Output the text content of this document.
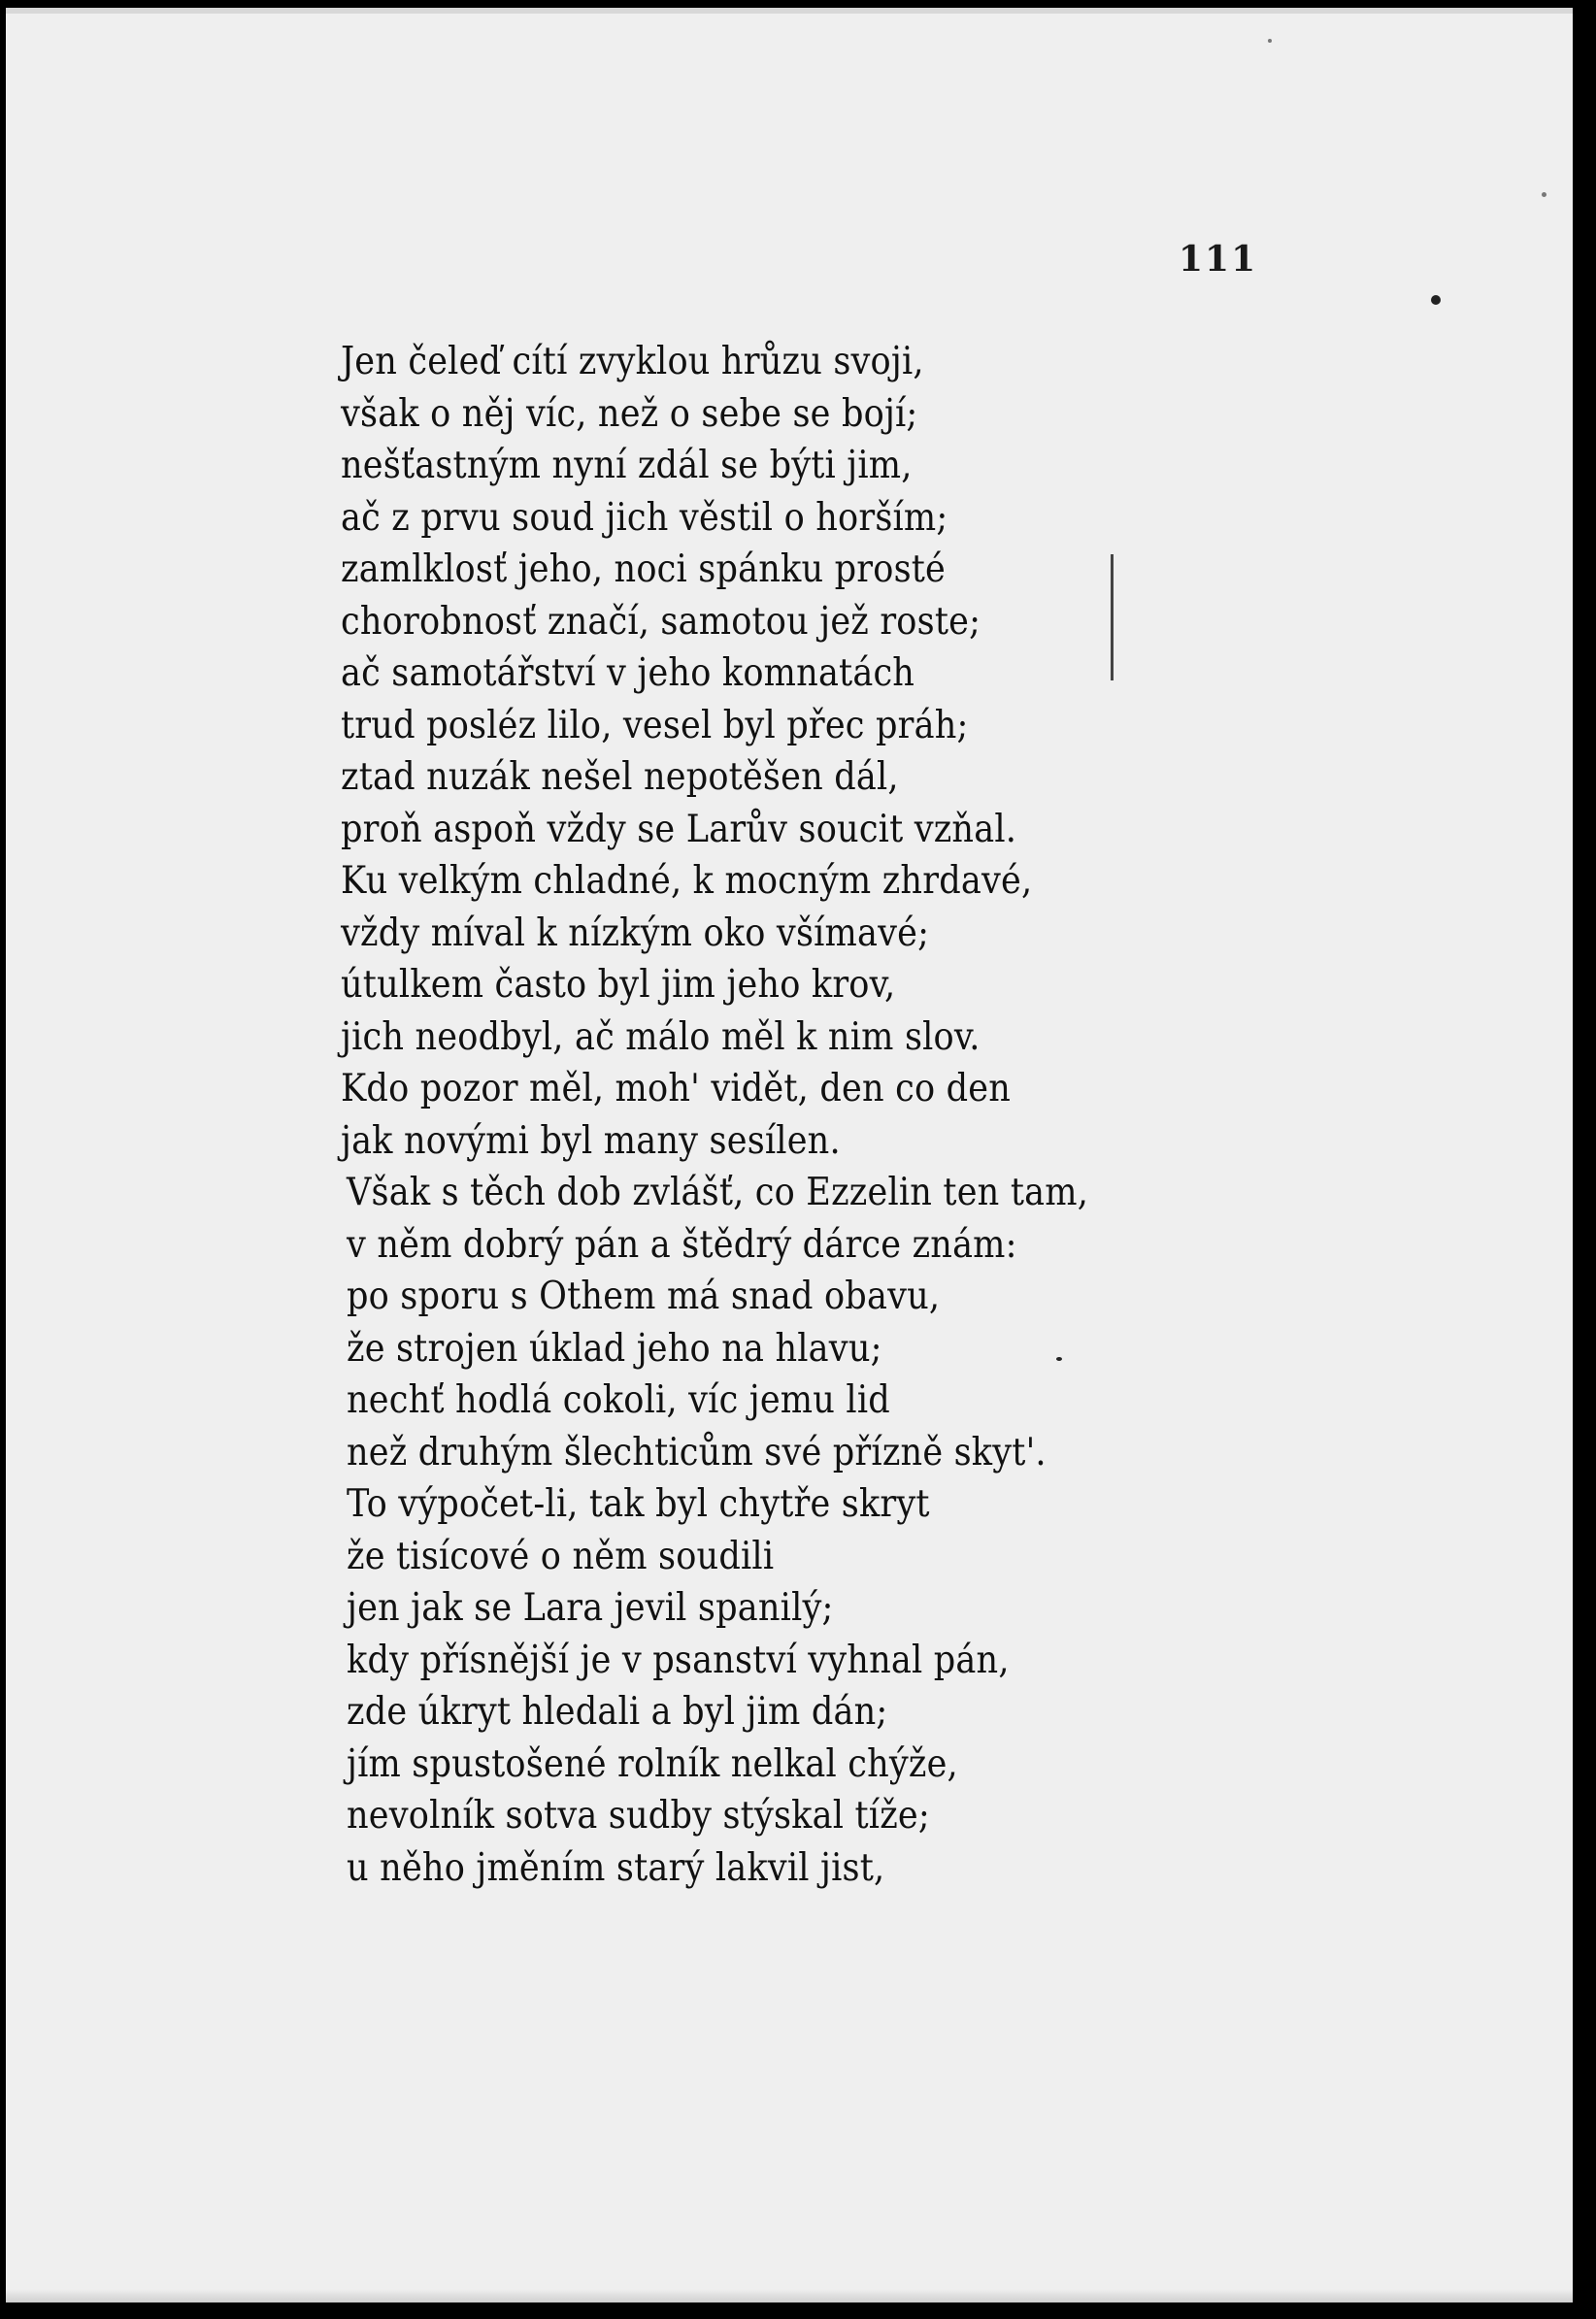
111
Jen čeleď cítí zvyklou hrůzu svoji,
však o něj víc, než o sebe se bojí;
nešťastným nyní zdál se býti jim,
ač z prvu soud jich věstil o horším;
zamlklosť jeho, noci spánku prosté
chorobnosť značí, samotou jež roste;
ač samotářství v jeho komnatách
trud posléz lilo, vesel byl přec práh;
ztad nuzák nešel nepotěšen dál,
proň aspoň vždy se Larův soucit vzňal.
Ku velkým chladné, k mocným zhrdavé,
vždy míval k nízkým oko všímavé;
útulkem často byl jim jeho krov,
jich neodbyl, ač málo měl k nim slov.
Kdo pozor měl, moh' vidět, den co den
jak novými byl many sesílen.
Však s těch dob zvlášť, co Ezzelin ten tam,
v něm dobrý pán a štědrý dárce znám:
po sporu s Othem má snad obavu,
že strojen úklad jeho na hlavu;
nechť hodlá cokoli, víc jemu lid
než druhým šlechticům své přízně skyt'.
To výpočet-li, tak byl chytře skryt
že tisícové o něm soudili
jen jak se Lara jevil spanilý;
kdy přísnější je v psanství vyhnal pán,
zde úkryt hledali a byl jim dán;
jím spustošené rolník nelkal chýže,
nevolník sotva sudby stýskal tíže;
u něho jměním starý lakvil jist,
